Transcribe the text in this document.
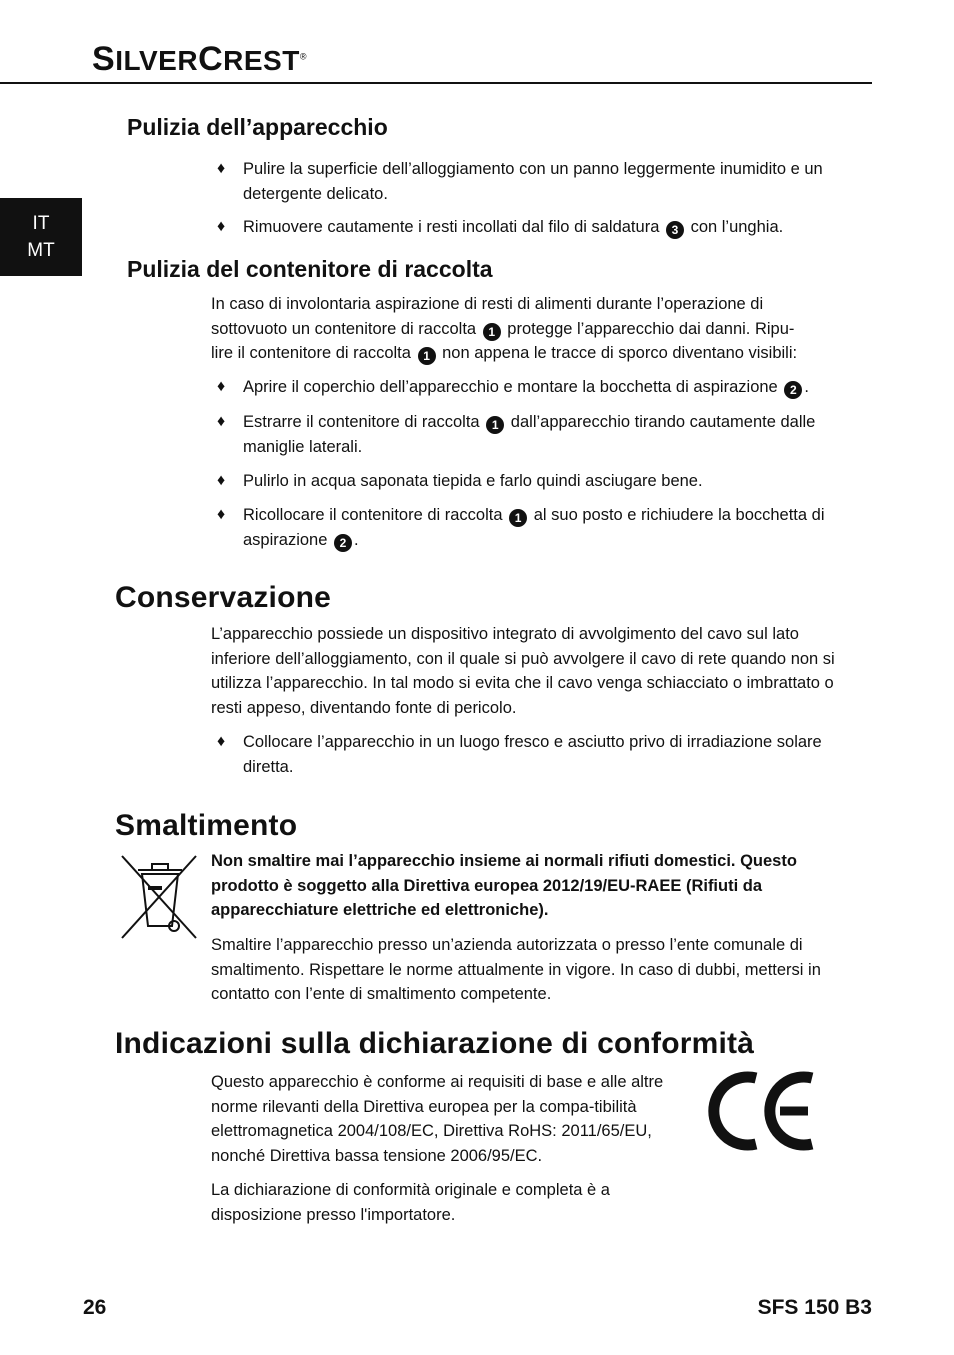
SILVERCREST®
IT
MT
Pulizia dell’apparecchio

♦ Pulire la superficie dell’alloggiamento con un panno leggermente inumidito e un detergente delicato.

♦ Rimuovere cautamente i resti incollati dal filo di saldatura 3 con l’unghia.

Pulizia del contenitore di raccolta

In caso di involontaria aspirazione di resti di alimenti durante l’operazione di
sottovuoto un contenitore di raccolta 1 protegge l’apparecchio dai danni. Ripu-
lire il contenitore di raccolta 1 non appena le tracce di sporco diventano visibili:

♦ Aprire il coperchio dell’apparecchio e montare la bocchetta di aspirazione 2 .

♦ Estrarre il contenitore di raccolta 1 dall’apparecchio tirando cautamente dalle maniglie laterali.

♦ Pulirlo in acqua saponata tiepida e farlo quindi asciugare bene.

♦ Ricollocare il contenitore di raccolta 1 al suo posto e richiudere la bocchetta di aspirazione 2 .

Conservazione

L’apparecchio possiede un dispositivo integrato di avvolgimento del cavo sul lato inferiore dell’alloggiamento, con il quale si può avvolgere il cavo di rete quando non si utilizza l’apparecchio. In tal modo si evita che il cavo venga schiacciato o imbrattato o resti appeso, diventando fonte di pericolo.

♦ Collocare l’apparecchio in un luogo fresco e asciutto privo di irradiazione solare diretta.

Smaltimento

Non smaltire mai l’apparecchio insieme ai normali rifiuti domestici. Questo prodotto è soggetto alla Direttiva europea 2012/19/EU-RAEE (Rifiuti da apparecchiature elettriche ed elettroniche).

Smaltire l’apparecchio presso un’azienda autorizzata o presso l’ente comunale di smaltimento. Rispettare le norme attualmente in vigore. In caso di dubbi, mettersi in contatto con l’ente di smaltimento competente.

Indicazioni sulla dichiarazione di conformità

Questo apparecchio è conforme ai requisiti di base e alle altre norme rilevanti della Direttiva europea per la compa-tibilità elettromagnetica 2004/108/EC, Direttiva RoHS: 2011/65/EU, nonché Direttiva bassa tensione 2006/95/EC.

La dichiarazione di conformità originale e completa è a disposizione presso l'importatore.

26	SFS 150 B3
